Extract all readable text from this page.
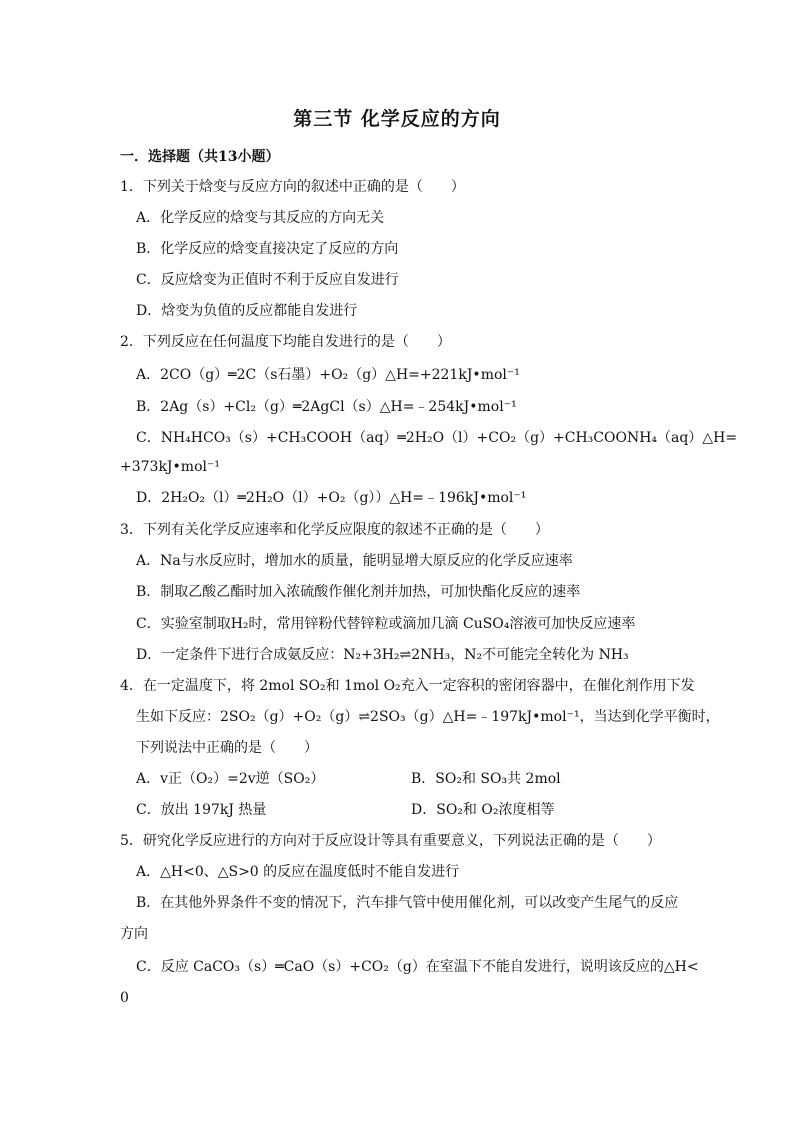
第三节 化学反应的方向
一．选择题（共13小题）
1．下列关于焓变与反应方向的叙述中正确的是（　　）
A．化学反应的焓变与其反应的方向无关
B．化学反应的焓变直接决定了反应的方向
C．反应焓变为正值时不利于反应自发进行
D．焓变为负值的反应都能自发进行
2．下列反应在任何温度下均能自发进行的是（　　）
A．2CO（g）═2C（s石墨）+O₂（g）△H=+221kJ•mol⁻¹
B．2Ag（s）+Cl₂（g）═2AgCl（s）△H=﹣254kJ•mol⁻¹
C．NH₄HCO₃（s）+CH₃COOH（aq）═2H₂O（l）+CO₂（g）+CH₃COONH₄（aq）△H=
+373kJ•mol⁻¹
D．2H₂O₂（l）═2H₂O（l）+O₂（g））△H=﹣196kJ•mol⁻¹
3．下列有关化学反应速率和化学反应限度的叙述不正确的是（　　）
A．Na与水反应时，增加水的质量，能明显增大原反应的化学反应速率
B．制取乙酸乙酯时加入浓硫酸作催化剂并加热，可加快酯化反应的速率
C．实验室制取H₂时，常用锌粉代替锌粒或滴加几滴 CuSO₄溶液可加快反应速率
D．一定条件下进行合成氨反应：N₂+3H₂⇌2NH₃，N₂不可能完全转化为 NH₃
4．在一定温度下，将 2mol SO₂和 1mol O₂充入一定容积的密闭容器中，在催化剂作用下发
生如下反应：2SO₂（g）+O₂（g）⇌2SO₃（g）△H=﹣197kJ•mol⁻¹，当达到化学平衡时，
下列说法中正确的是（　　）
A．v正（O₂）=2v逆（SO₂）	B．SO₂和 SO₃共 2mol
C．放出 197kJ 热量	D．SO₂和 O₂浓度相等
5．研究化学反应进行的方向对于反应设计等具有重要意义，下列说法正确的是（　　）
A．△H<0、△S>0 的反应在温度低时不能自发进行
B．在其他外界条件不变的情况下，汽车排气管中使用催化剂，可以改变产生尾气的反应
方向
C．反应 CaCO₃（s）═CaO（s）+CO₂（g）在室温下不能自发进行，说明该反应的△H<
0
